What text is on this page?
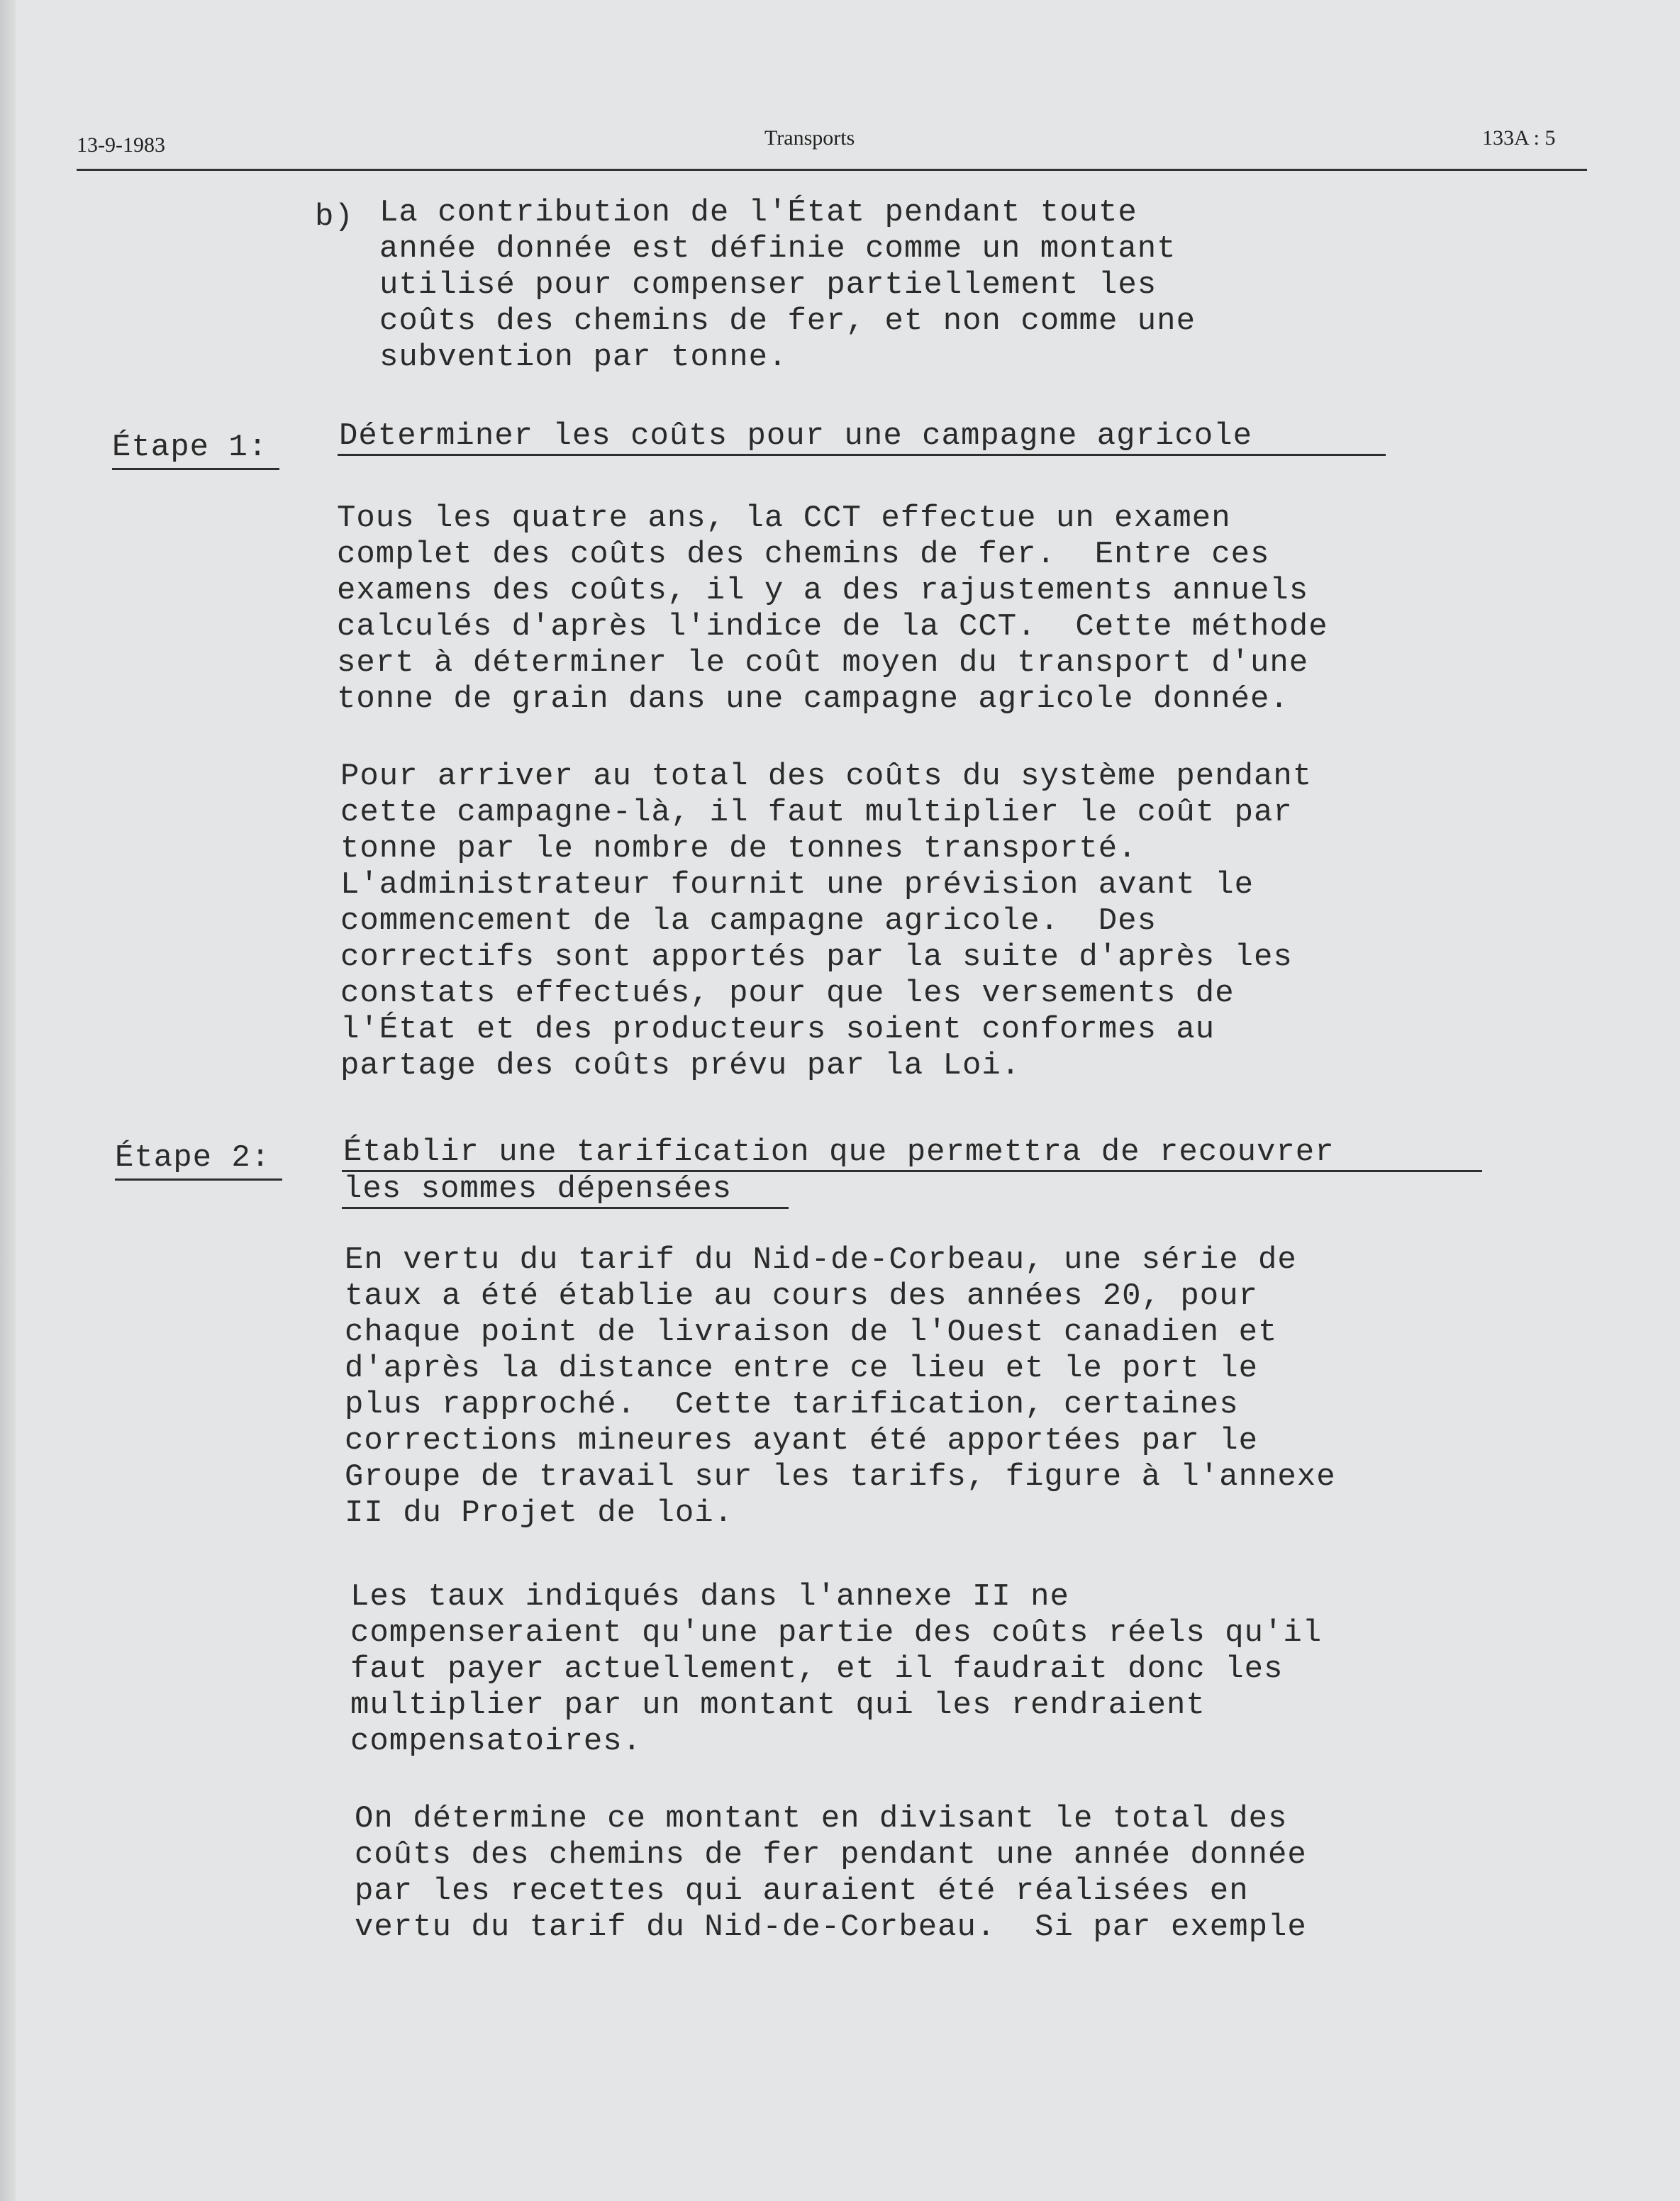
13-9-1983	Transports	133A : 5
b) La contribution de l'État pendant toute
année donnée est définie comme un montant
utilisé pour compenser partiellement les
coûts des chemins de fer, et non comme une
subvention par tonne.
Étape 1: Déterminer les coûts pour une campagne agricole
Tous les quatre ans, la CCT effectue un examen
complet des coûts des chemins de fer.  Entre ces
examens des coûts, il y a des rajustements annuels
calculés d'après l'indice de la CCT.  Cette méthode
sert à déterminer le coût moyen du transport d'une
tonne de grain dans une campagne agricole donnée.
Pour arriver au total des coûts du système pendant
cette campagne-là, il faut multiplier le coût par
tonne par le nombre de tonnes transporté.
L'administrateur fournit une prévision avant le
commencement de la campagne agricole.  Des
correctifs sont apportés par la suite d'après les
constats effectués, pour que les versements de
l'État et des producteurs soient conformes au
partage des coûts prévu par la Loi.
Étape 2: Établir une tarification que permettra de recouvrer
les sommes dépensées
En vertu du tarif du Nid-de-Corbeau, une série de
taux a été établie au cours des années 20, pour
chaque point de livraison de l'Ouest canadien et
d'après la distance entre ce lieu et le port le
plus rapproché.  Cette tarification, certaines
corrections mineures ayant été apportées par le
Groupe de travail sur les tarifs, figure à l'annexe
II du Projet de loi.
Les taux indiqués dans l'annexe II ne
compenseraient qu'une partie des coûts réels qu'il
faut payer actuellement, et il faudrait donc les
multiplier par un montant qui les rendraient
compensatoires.
On détermine ce montant en divisant le total des
coûts des chemins de fer pendant une année donnée
par les recettes qui auraient été réalisées en
vertu du tarif du Nid-de-Corbeau.  Si par exemple
